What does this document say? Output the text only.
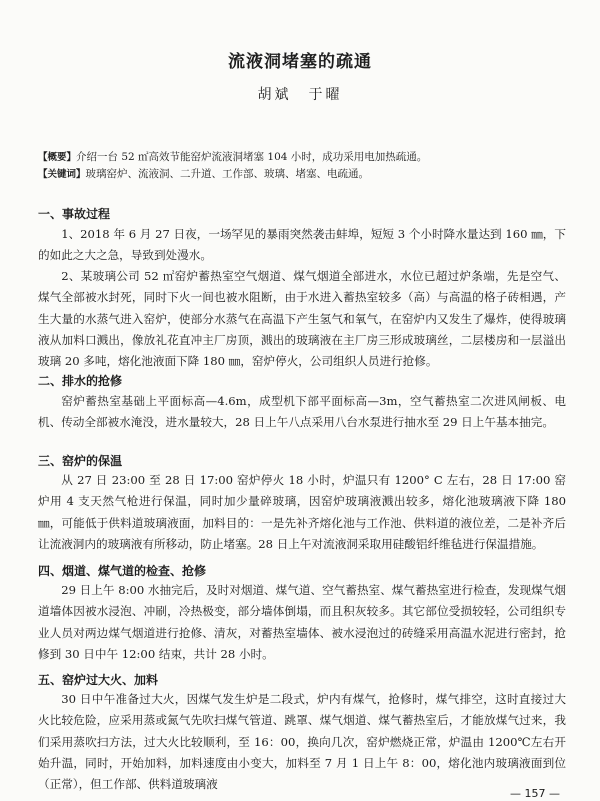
流液洞堵塞的疏通
胡斌　于曜
【概要】介绍一台 52 ㎡高效节能窑炉流液洞堵塞 104 小时，成功采用电加热疏通。
【关键词】玻璃窑炉、流液洞、二升道、工作部、玻璃、堵塞、电疏通。
一、事故过程

1、2018 年 6 月 27 日夜，一场罕见的暴雨突然袭击蚌埠，短短 3 个小时降水量达到 160 ㎜，下的如此之大之急，导致到处漫水。

2、某玻璃公司 52 ㎡窑炉蓄热室空气烟道、煤气烟道全部进水，水位已超过炉条端，先是空气、煤气全部被水封死，同时下火一间也被水阻断，由于水进入蓄热室较多（高）与高温的格子砖相遇，产生大量的水蒸气进入窑炉，使部分水蒸气在高温下产生氢气和氧气，在窑炉内又发生了爆炸，使得玻璃液从加料口溅出，像放礼花直冲主厂房顶，溅出的玻璃液在主厂房三形成玻璃丝，二层楼房和一层溢出玻璃 20 多吨，熔化池液面下降 180 ㎜，窑炉停火，公司组织人员进行抢修。

二、排水的抢修

窑炉蓄热室基础上平面标高—4.6m，成型机下部平面标高—3m，空气蓄热室二次进风闸板、电机、传动全部被水淹没，进水量较大，28 日上午八点采用八台水泵进行抽水至 29 日上午基本抽完。

三、窑炉的保温

从 27 日 23:00 至 28 日 17:00 窑炉停火 18 小时，炉温只有 1200° C 左右，28 日 17:00 窑炉用 4 支天然气枪进行保温，同时加少量碎玻璃，因窑炉玻璃液溅出较多，熔化池玻璃液下降 180 ㎜，可能低于供料道玻璃液面，加料目的：一是先补齐熔化池与工作池、供料道的液位差，二是补齐后让流液洞内的玻璃液有所移动，防止堵塞。28 日上午对流液洞采取用硅酸铝纤维毡进行保温措施。

四、烟道、煤气道的检查、抢修

29 日上午 8:00 水抽完后，及时对烟道、煤气道、空气蓄热室、煤气蓄热室进行检查，发现煤气烟道墙体因被水浸泡、冲刷，冷热极变，部分墙体倒塌，而且积灰较多。其它部位受损较轻，公司组织专业人员对两边煤气烟道进行抢修、清灰，对蓄热室墙体、被水浸泡过的砖缝采用高温水泥进行密封，抢修到 30 日中午 12:00 结束，共计 28 小时。

五、窑炉过大火、加料

30 日中午准备过大火，因煤气发生炉是二段式，炉内有煤气，抢修时，煤气排空，这时直接过大火比较危险，应采用蒸或氮气先吹扫煤气管道、跳罩、煤气烟道、煤气蓄热室后，才能放煤气过来，我们采用蒸吹扫方法，过大火比较顺利，至 16：00，换向几次，窑炉燃烧正常，炉温由 1200℃左右开始升温，同时，开始加料，加料速度由小变大，加料至 7 月 1 日上午 8：00，熔化池内玻璃液面到位（正常），但工作部、供料道玻璃液

— 157 —
